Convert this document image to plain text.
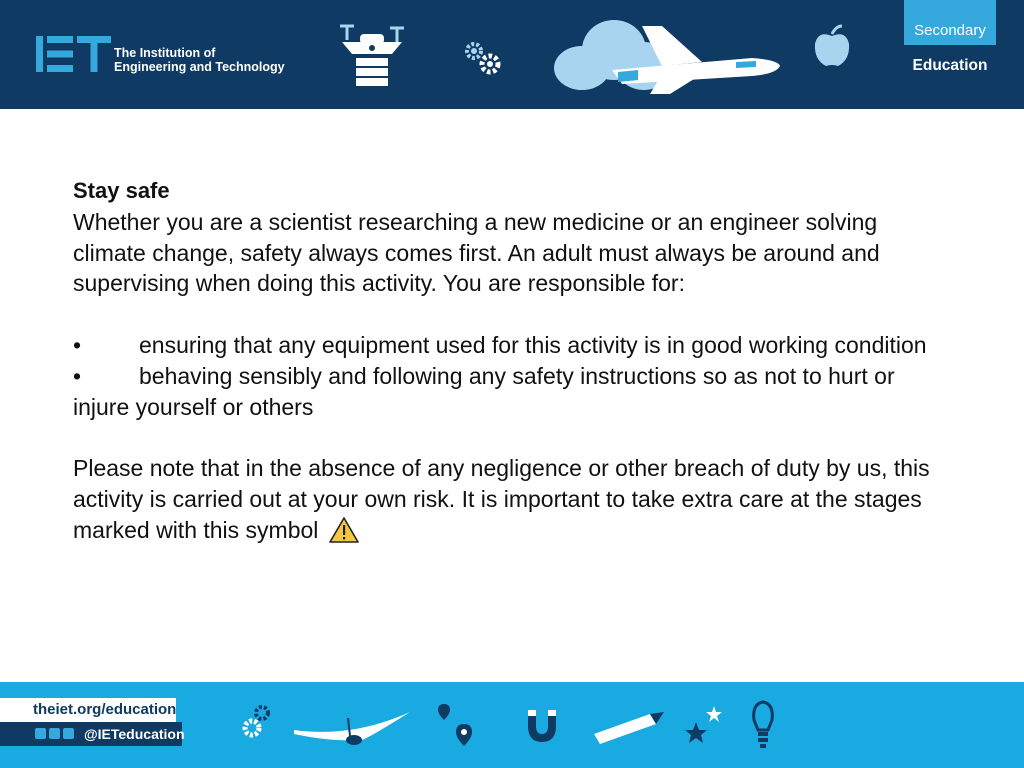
The Institution of
Engineering and Technology
Secondary
Education

Stay safe

Whether you are a scientist researching a new medicine or an engineer solving climate change, safety always comes first. An adult must always be around and supervising when doing this activity. You are responsible for:

•	ensuring that any equipment used for this activity is in good working condition

•	behaving sensibly and following any safety instructions so as not to hurt or injure yourself or others

Please note that in the absence of any negligence or other breach of duty by us, this activity is carried out at your own risk. It is important to take extra care at the stages marked with this symbol

theiet.org/education
@IETeducation
